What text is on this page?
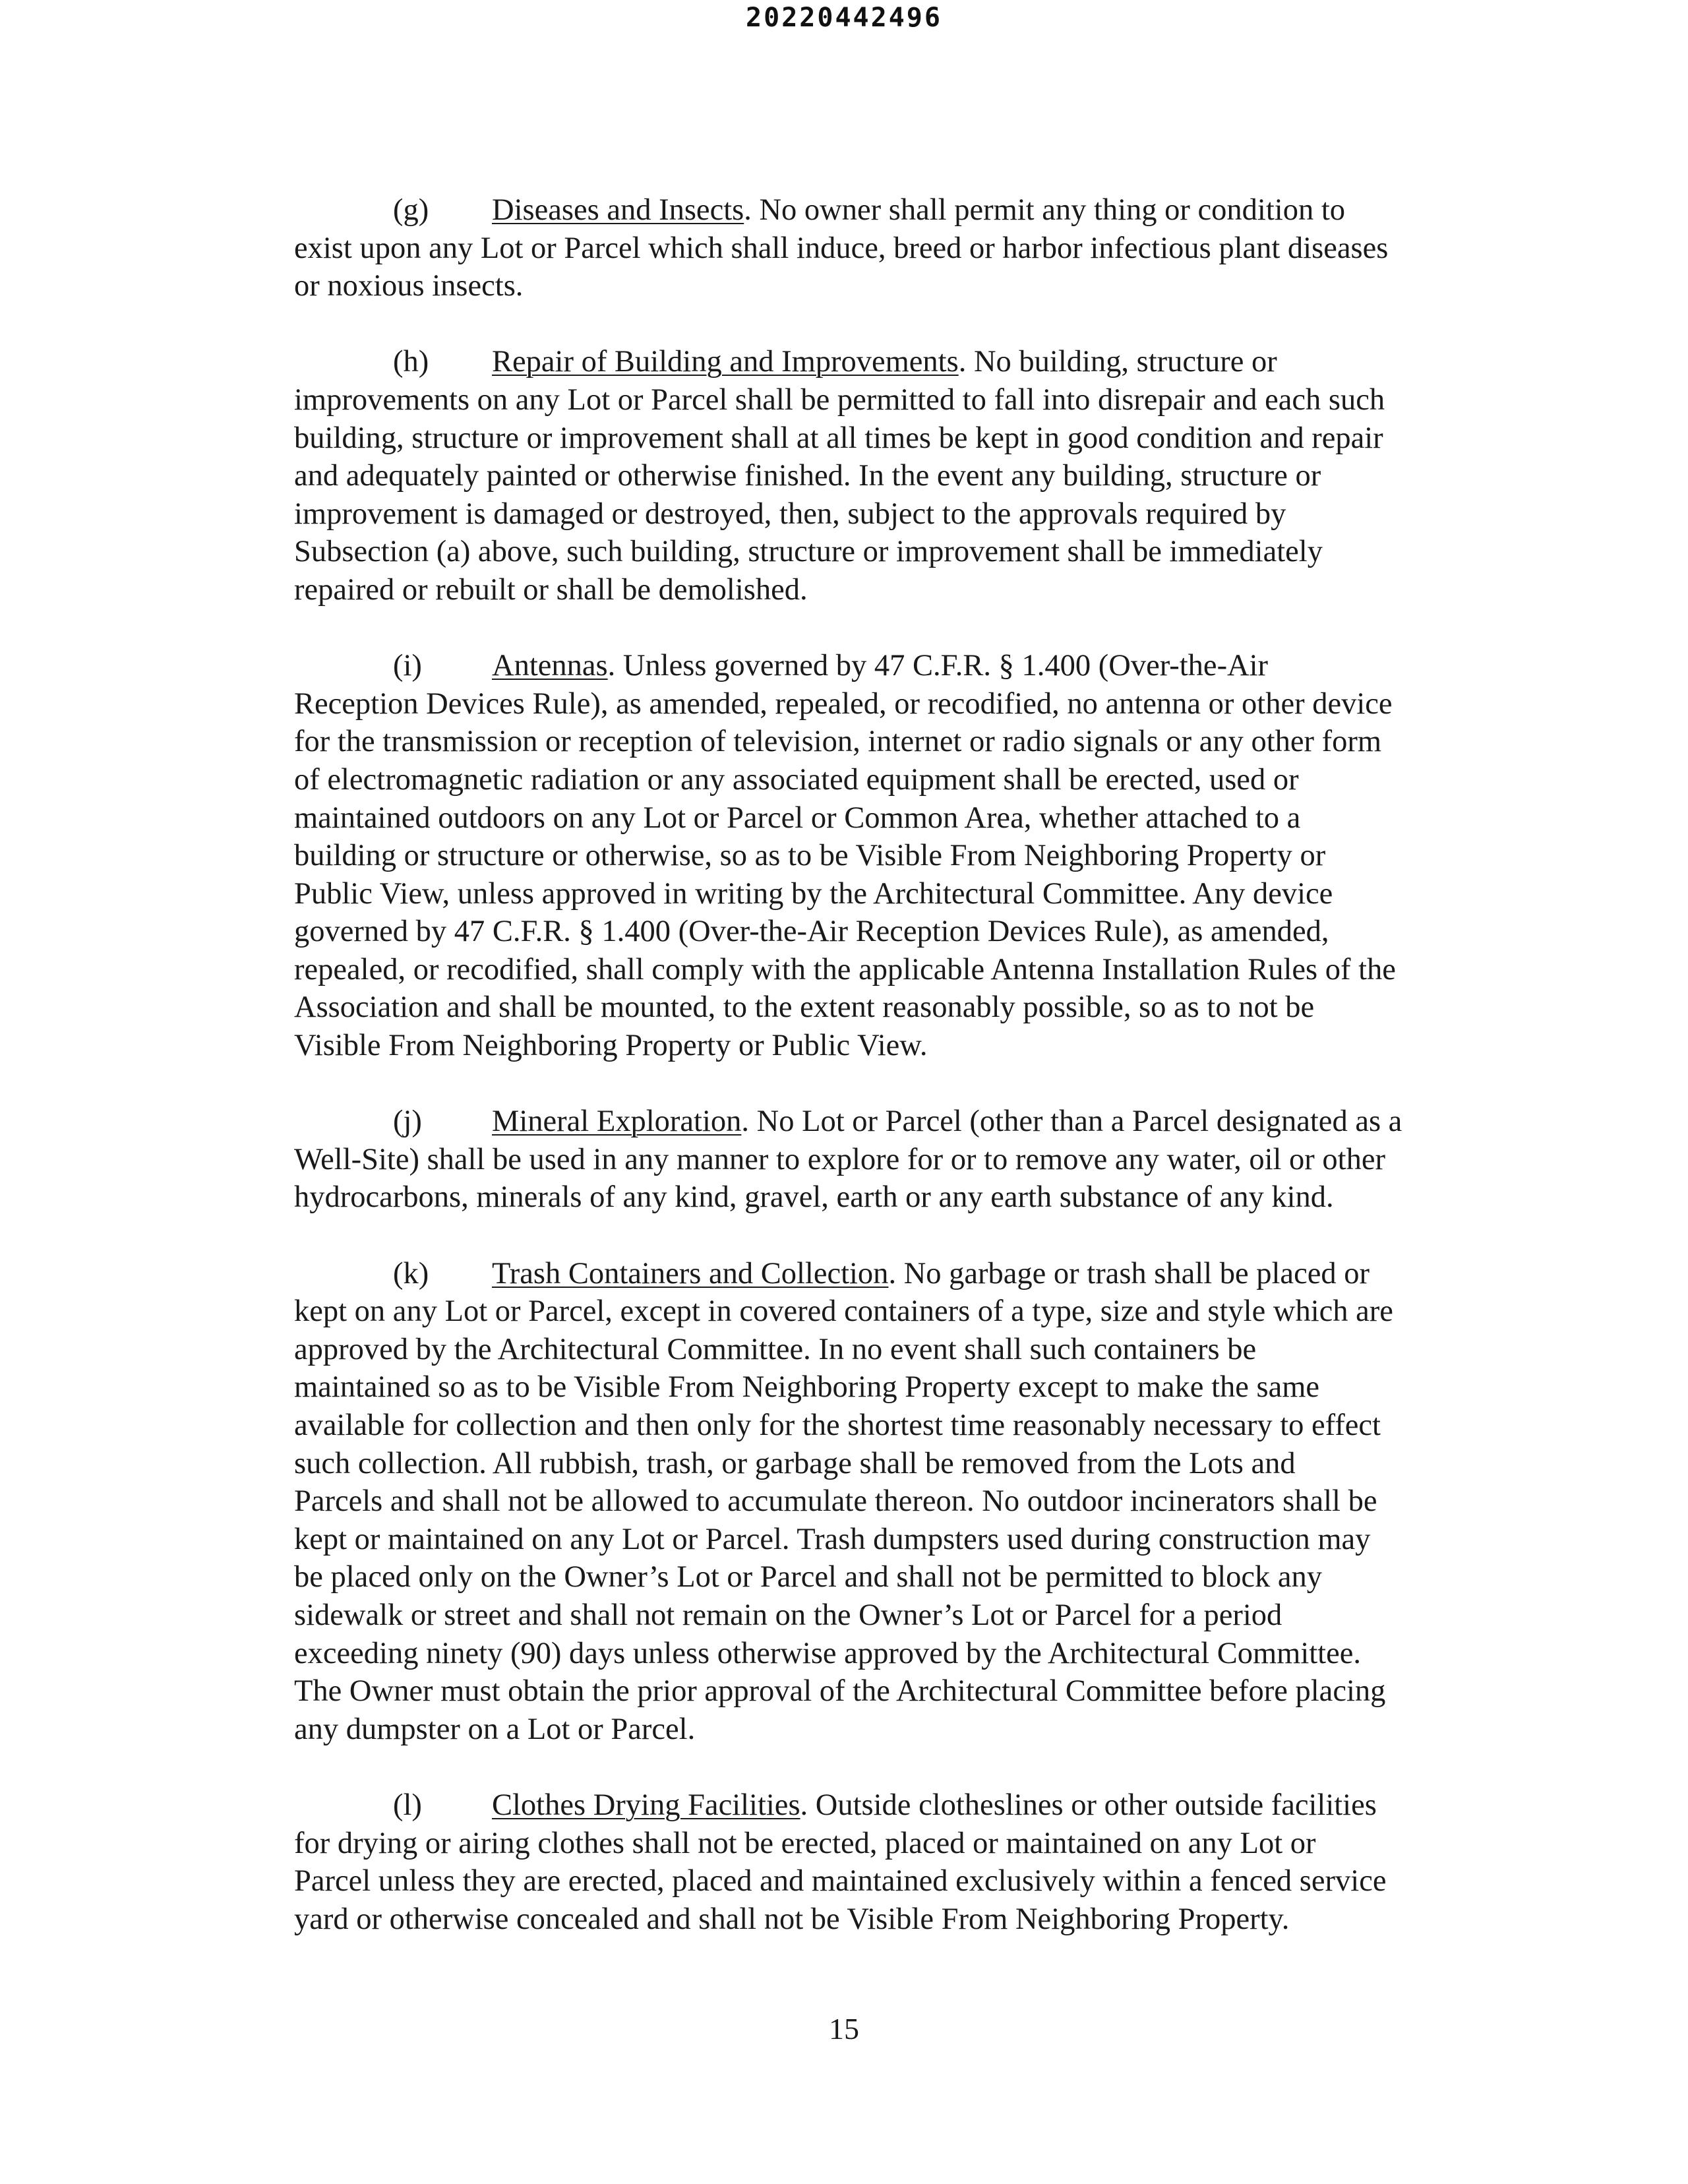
20220442496

(g) Diseases and Insects. No owner shall permit any thing or condition to
exist upon any Lot or Parcel which shall induce, breed or harbor infectious plant diseases
or noxious insects.

(h) Repair of Building and Improvements. No building, structure or
improvements on any Lot or Parcel shall be permitted to fall into disrepair and each such
building, structure or improvement shall at all times be kept in good condition and repair
and adequately painted or otherwise finished. In the event any building, structure or
improvement is damaged or destroyed, then, subject to the approvals required by
Subsection (a) above, such building, structure or improvement shall be immediately
repaired or rebuilt or shall be demolished.

(i) Antennas. Unless governed by 47 C.F.R. § 1.400 (Over-the-Air
Reception Devices Rule), as amended, repealed, or recodified, no antenna or other device
for the transmission or reception of television, internet or radio signals or any other form
of electromagnetic radiation or any associated equipment shall be erected, used or
maintained outdoors on any Lot or Parcel or Common Area, whether attached to a
building or structure or otherwise, so as to be Visible From Neighboring Property or
Public View, unless approved in writing by the Architectural Committee. Any device
governed by 47 C.F.R. § 1.400 (Over-the-Air Reception Devices Rule), as amended,
repealed, or recodified, shall comply with the applicable Antenna Installation Rules of the
Association and shall be mounted, to the extent reasonably possible, so as to not be
Visible From Neighboring Property or Public View.

(j) Mineral Exploration. No Lot or Parcel (other than a Parcel designated as a
Well-Site) shall be used in any manner to explore for or to remove any water, oil or other
hydrocarbons, minerals of any kind, gravel, earth or any earth substance of any kind.

(k) Trash Containers and Collection. No garbage or trash shall be placed or
kept on any Lot or Parcel, except in covered containers of a type, size and style which are
approved by the Architectural Committee. In no event shall such containers be
maintained so as to be Visible From Neighboring Property except to make the same
available for collection and then only for the shortest time reasonably necessary to effect
such collection. All rubbish, trash, or garbage shall be removed from the Lots and
Parcels and shall not be allowed to accumulate thereon. No outdoor incinerators shall be
kept or maintained on any Lot or Parcel. Trash dumpsters used during construction may
be placed only on the Owner’s Lot or Parcel and shall not be permitted to block any
sidewalk or street and shall not remain on the Owner’s Lot or Parcel for a period
exceeding ninety (90) days unless otherwise approved by the Architectural Committee.
The Owner must obtain the prior approval of the Architectural Committee before placing
any dumpster on a Lot or Parcel.

(l) Clothes Drying Facilities. Outside clotheslines or other outside facilities
for drying or airing clothes shall not be erected, placed or maintained on any Lot or
Parcel unless they are erected, placed and maintained exclusively within a fenced service
yard or otherwise concealed and shall not be Visible From Neighboring Property.

15
